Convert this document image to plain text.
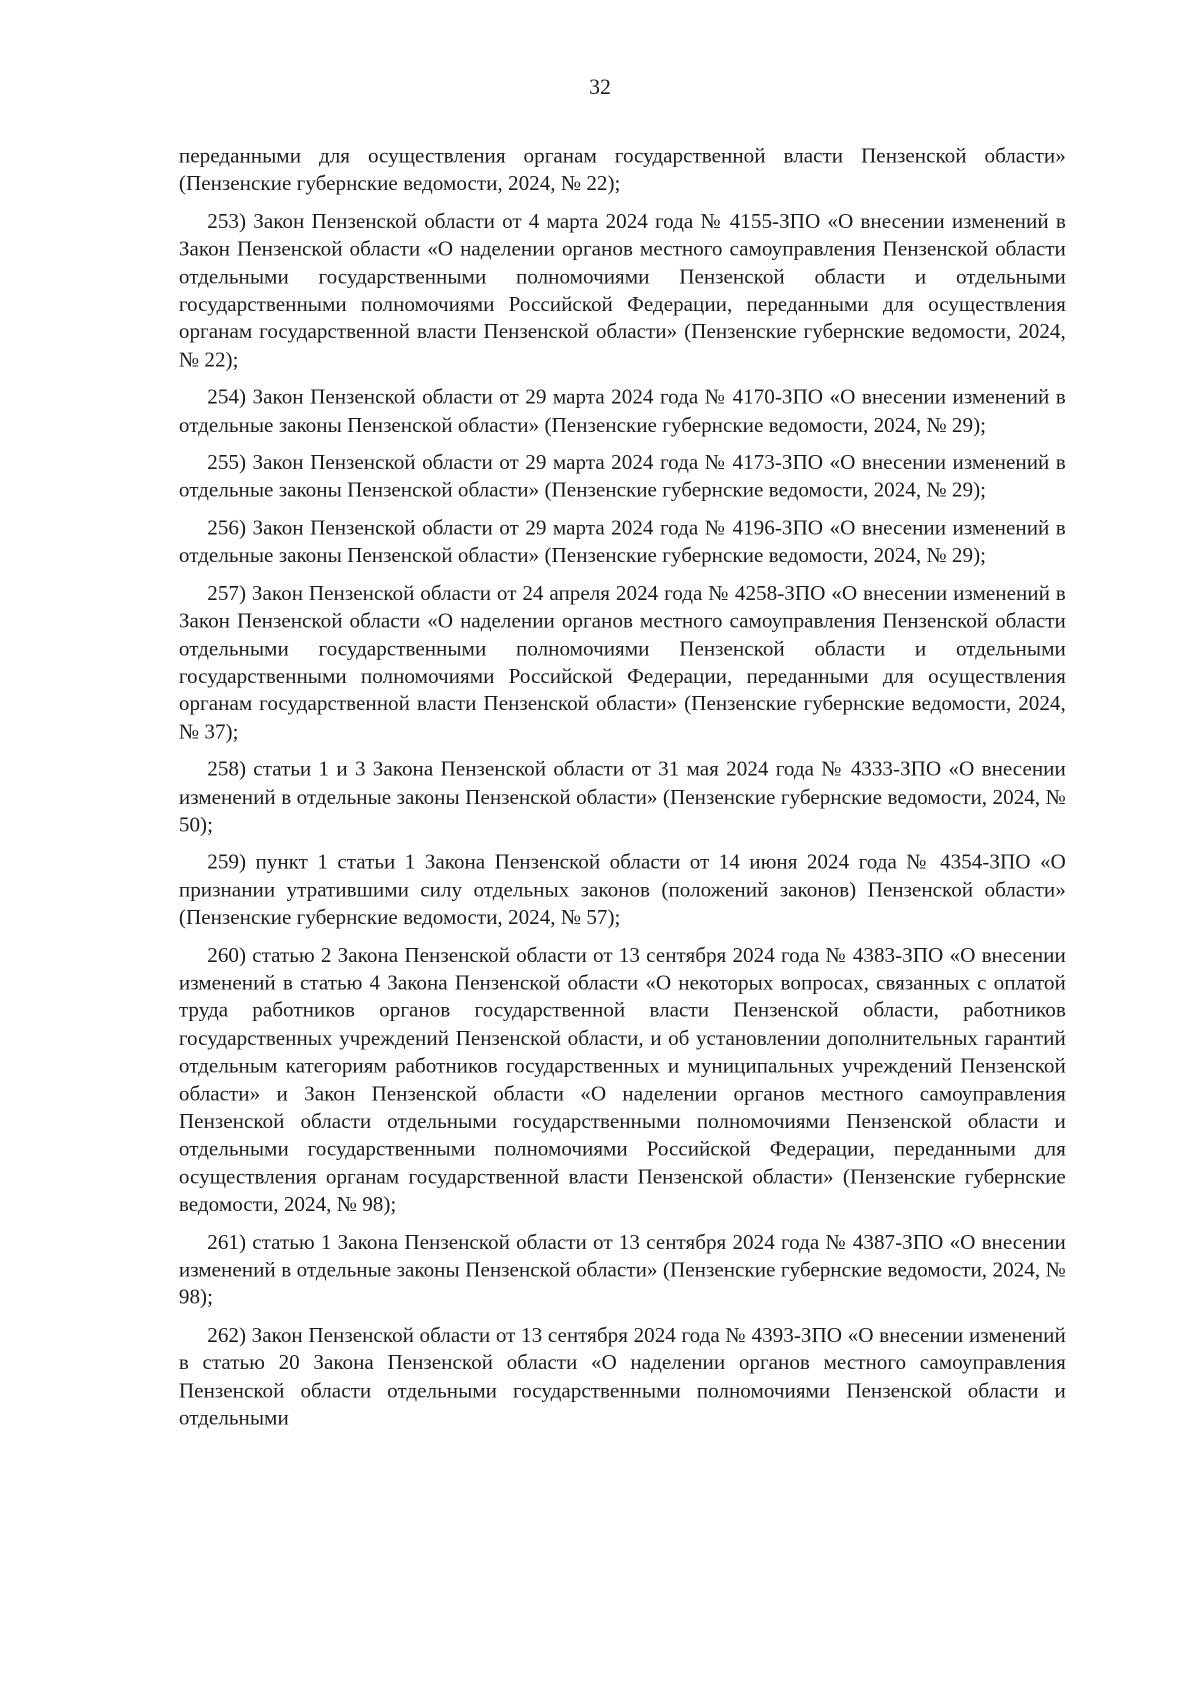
32

переданными для осуществления органам государственной власти Пензенской области» (Пензенские губернские ведомости, 2024, № 22);

253) Закон Пензенской области от 4 марта 2024 года № 4155-ЗПО «О внесении изменений в Закон Пензенской области «О наделении органов местного самоуправления Пензенской области отдельными государственными полномочиями Пензенской области и отдельными государственными полномочиями Российской Федерации, переданными для осуществления органам государственной власти Пензенской области» (Пензенские губернские ведомости, 2024, № 22);

254) Закон Пензенской области от 29 марта 2024 года № 4170-ЗПО «О внесении изменений в отдельные законы Пензенской области» (Пензенские губернские ведомости, 2024, № 29);

255) Закон Пензенской области от 29 марта 2024 года № 4173-ЗПО «О внесении изменений в отдельные законы Пензенской области» (Пензенские губернские ведомости, 2024, № 29);

256) Закон Пензенской области от 29 марта 2024 года № 4196-ЗПО «О внесении изменений в отдельные законы Пензенской области» (Пензенские губернские ведомости, 2024, № 29);

257) Закон Пензенской области от 24 апреля 2024 года № 4258-ЗПО «О внесении изменений в Закон Пензенской области «О наделении органов местного самоуправления Пензенской области отдельными государственными полномочиями Пензенской области и отдельными государственными полномочиями Российской Федерации, переданными для осуществления органам государственной власти Пензенской области» (Пензенские губернские ведомости, 2024, № 37);

258) статьи 1 и 3 Закона Пензенской области от 31 мая 2024 года № 4333-ЗПО «О внесении изменений в отдельные законы Пензенской области» (Пензенские губернские ведомости, 2024, № 50);

259) пункт 1 статьи 1 Закона Пензенской области от 14 июня 2024 года № 4354-ЗПО «О признании утратившими силу отдельных законов (положений законов) Пензенской области» (Пензенские губернские ведомости, 2024, № 57);

260) статью 2 Закона Пензенской области от 13 сентября 2024 года № 4383-ЗПО «О внесении изменений в статью 4 Закона Пензенской области «О некоторых вопросах, связанных с оплатой труда работников органов государственной власти Пензенской области, работников государственных учреждений Пензенской области, и об установлении дополнительных гарантий отдельным категориям работников государственных и муниципальных учреждений Пензенской области» и Закон Пензенской области «О наделении органов местного самоуправления Пензенской области отдельными государственными полномочиями Пензенской области и отдельными государственными полномочиями Российской Федерации, переданными для осуществления органам государственной власти Пензенской области» (Пензенские губернские ведомости, 2024, № 98);

261) статью 1 Закона Пензенской области от 13 сентября 2024 года № 4387-ЗПО «О внесении изменений в отдельные законы Пензенской области» (Пензенские губернские ведомости, 2024, № 98);

262) Закон Пензенской области от 13 сентября 2024 года № 4393-ЗПО «О внесении изменений в статью 20 Закона Пензенской области «О наделении органов местного самоуправления Пензенской области отдельными государственными полномочиями Пензенской области и отдельными
